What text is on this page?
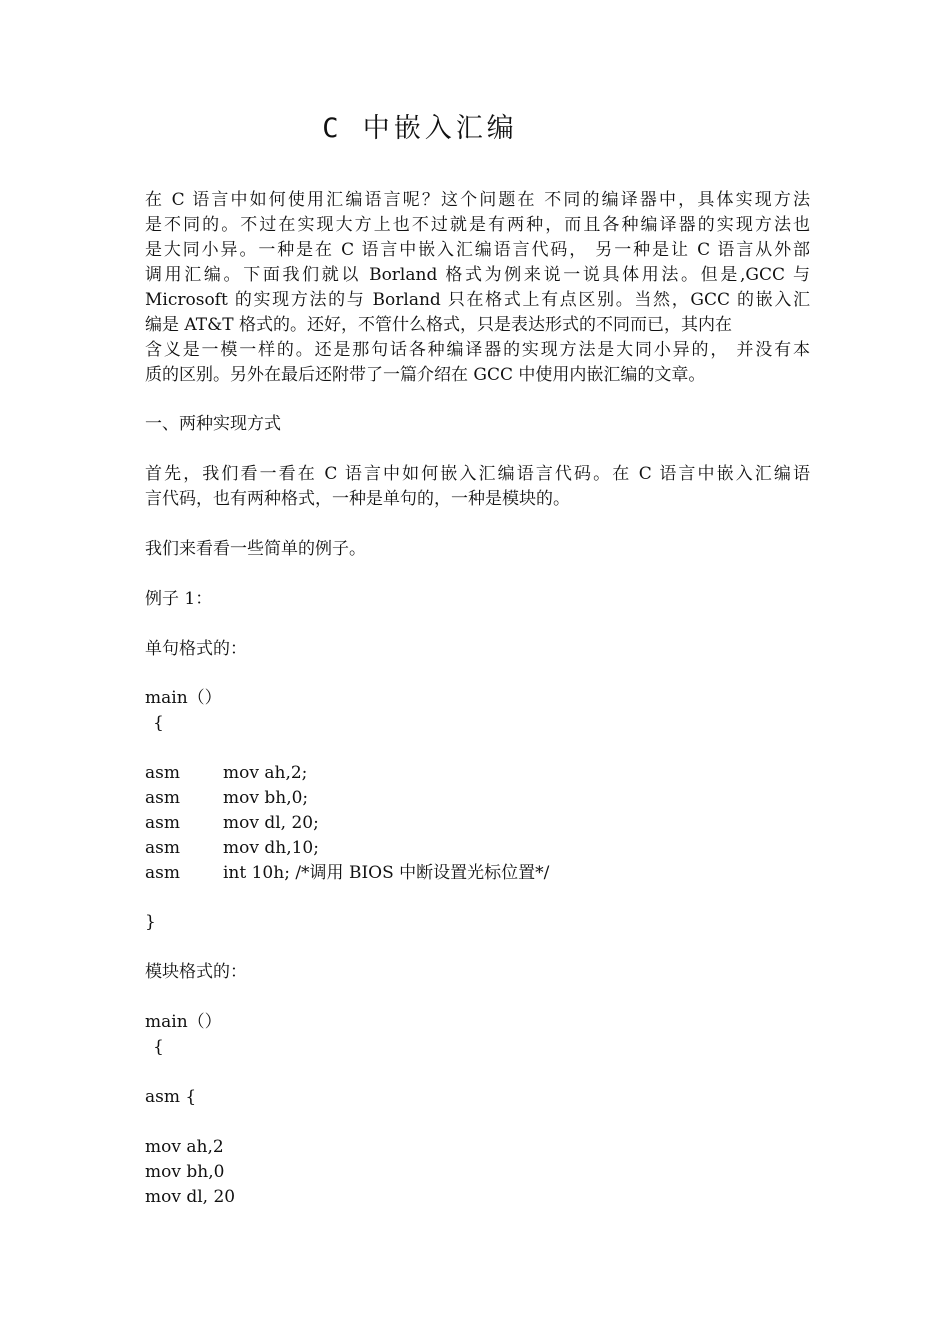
C 中嵌入汇编
在 C 语言中如何使用汇编语言呢？这个问题在 不同的编译器中，具体实现方法
是不同的。不过在实现大方上也不过就是有两种，而且各种编译器的实现方法也
是大同小异。一种是在 C 语言中嵌入汇编语言代码， 另一种是让 C 语言从外部
调用汇编。下面我们就以 Borland 格式为例来说一说具体用法。但是,GCC 与
Microsoft 的实现方法的与 Borland 只在格式上有点区别。当然，GCC 的嵌入汇
编是 AT&T 格式的。还好，不管什么格式，只是表达形式的不同而已，其内在
含义是一模一样的。还是那句话各种编译器的实现方法是大同小异的， 并没有本
质的区别。另外在最后还附带了一篇介绍在 GCC 中使用内嵌汇编的文章。
一、两种实现方式
首先，我们看一看在 C 语言中如何嵌入汇编语言代码。在 C 语言中嵌入汇编语
言代码，也有两种格式，一种是单句的，一种是模块的。
我们来看看一些简单的例子。
例子 1：
单句格式的：
main（）
{
asm	mov ah,2;
asm	mov bh,0;
asm	mov dl, 20;
asm	mov dh,10;
asm	int 10h; /*调用 BIOS 中断设置光标位置*/
}
模块格式的：
main（）
{
asm {
mov ah,2
mov bh,0
mov dl, 20
